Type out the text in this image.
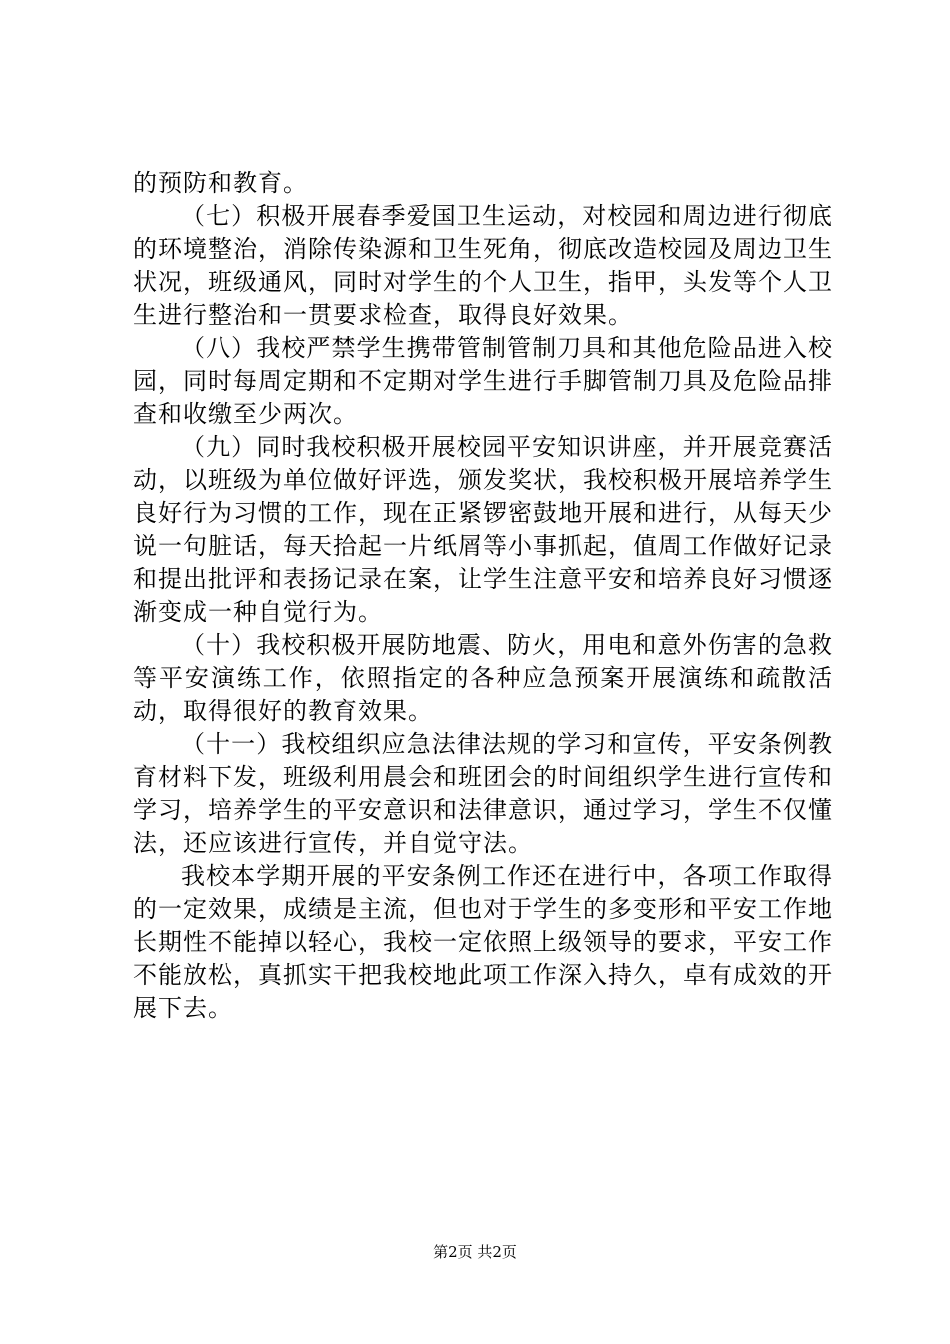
的预防和教育。

（七）积极开展春季爱国卫生运动，对校园和周边进行彻底的环境整治，消除传染源和卫生死角，彻底改造校园及周边卫生状况，班级通风，同时对学生的个人卫生，指甲，头发等个人卫生进行整治和一贯要求检查，取得良好效果。

（八）我校严禁学生携带管制管制刀具和其他危险品进入校园，同时每周定期和不定期对学生进行手脚管制刀具及危险品排查和收缴至少两次。

（九）同时我校积极开展校园平安知识讲座，并开展竞赛活动，以班级为单位做好评选，颁发奖状，我校积极开展培养学生良好行为习惯的工作，现在正紧锣密鼓地开展和进行，从每天少说一句脏话，每天拾起一片纸屑等小事抓起，值周工作做好记录和提出批评和表扬记录在案，让学生注意平安和培养良好习惯逐渐变成一种自觉行为。

（十）我校积极开展防地震、防火，用电和意外伤害的急救等平安演练工作，依照指定的各种应急预案开展演练和疏散活动，取得很好的教育效果。

（十一）我校组织应急法律法规的学习和宣传，平安条例教育材料下发，班级利用晨会和班团会的时间组织学生进行宣传和学习，培养学生的平安意识和法律意识，通过学习，学生不仅懂法，还应该进行宣传，并自觉守法。

我校本学期开展的平安条例工作还在进行中，各项工作取得的一定效果，成绩是主流，但也对于学生的多变形和平安工作地长期性不能掉以轻心，我校一定依照上级领导的要求，平安工作不能放松，真抓实干把我校地此项工作深入持久，卓有成效的开展下去。

第2页 共2页
